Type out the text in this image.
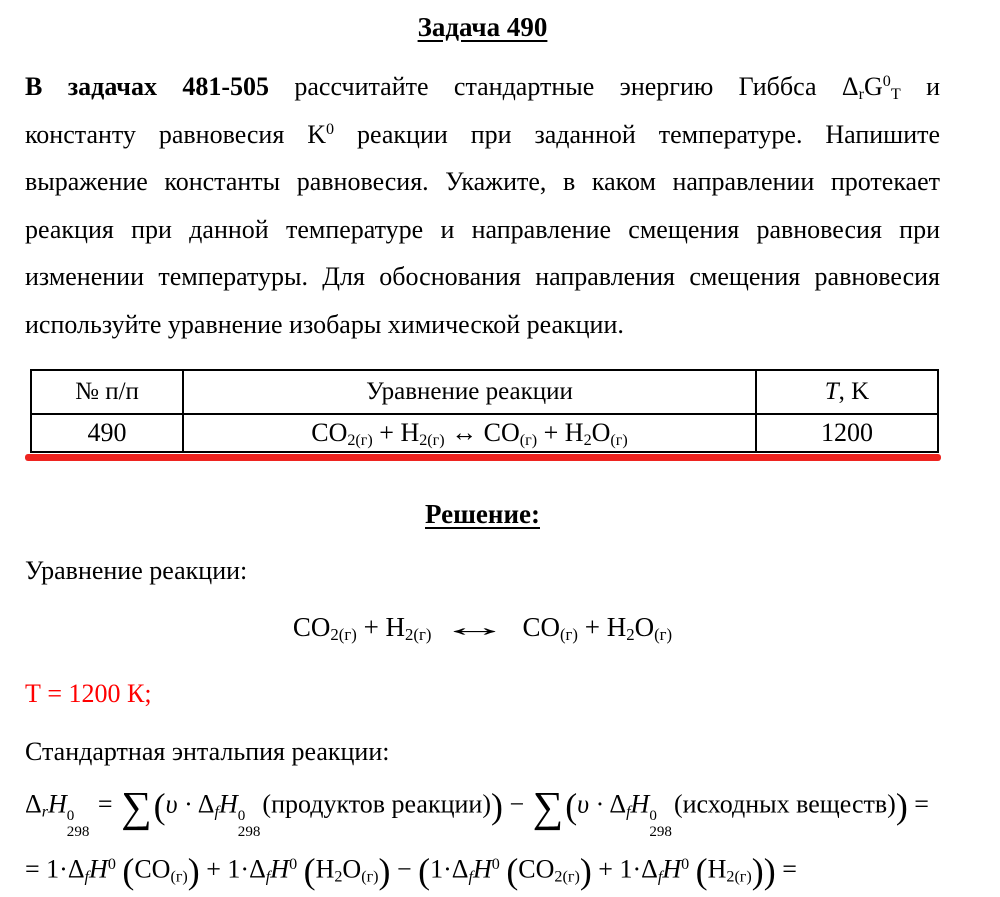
Задача 490
В задачах 481-505 рассчитайте стандартные энергию Гиббса $\Delta_rG^0_Т$ и
константу равновесия $K^0$ реакции при заданной температуре. Напишите
выражение константы равновесия. Укажите, в каком направлении протекает
реакция при данной температуре и направление смещения равновесия при
изменении температуры. Для обоснования направления смещения равновесия
используйте уравнение изобары химической реакции.
№ п/п	Уравнение реакции	T, K
490	$CO_{2(г)} + H_{2(г)}$ ↔ $CO_{(г)} + H_2O_{(г)}$	1200
Решение:
Уравнение реакции:
$CO_{2(г)} + H_{2(г)}$ ↔ $CO_{(г)} + H_2O_{(г)}$
Т = 1200 К;
Стандартная энтальпия реакции:
$\Delta_rH$ 0
298
= $\sum(\upsilon \cdot \Delta_fH$ 0
298
(продуктов реакции)) − $\sum(\upsilon \cdot \Delta_fH$ 0
298
(исходных веществ)) =
= $1\cdot\Delta_fH^0$ $(CO_{(г)}) + 1\cdot\Delta_fH^0$ $(H_2O_{(г)}) - (1\cdot\Delta_fH^0$ $(CO_{2(г)}) + 1\cdot\Delta_fH^0$ $(H_{2(г)})$) =
